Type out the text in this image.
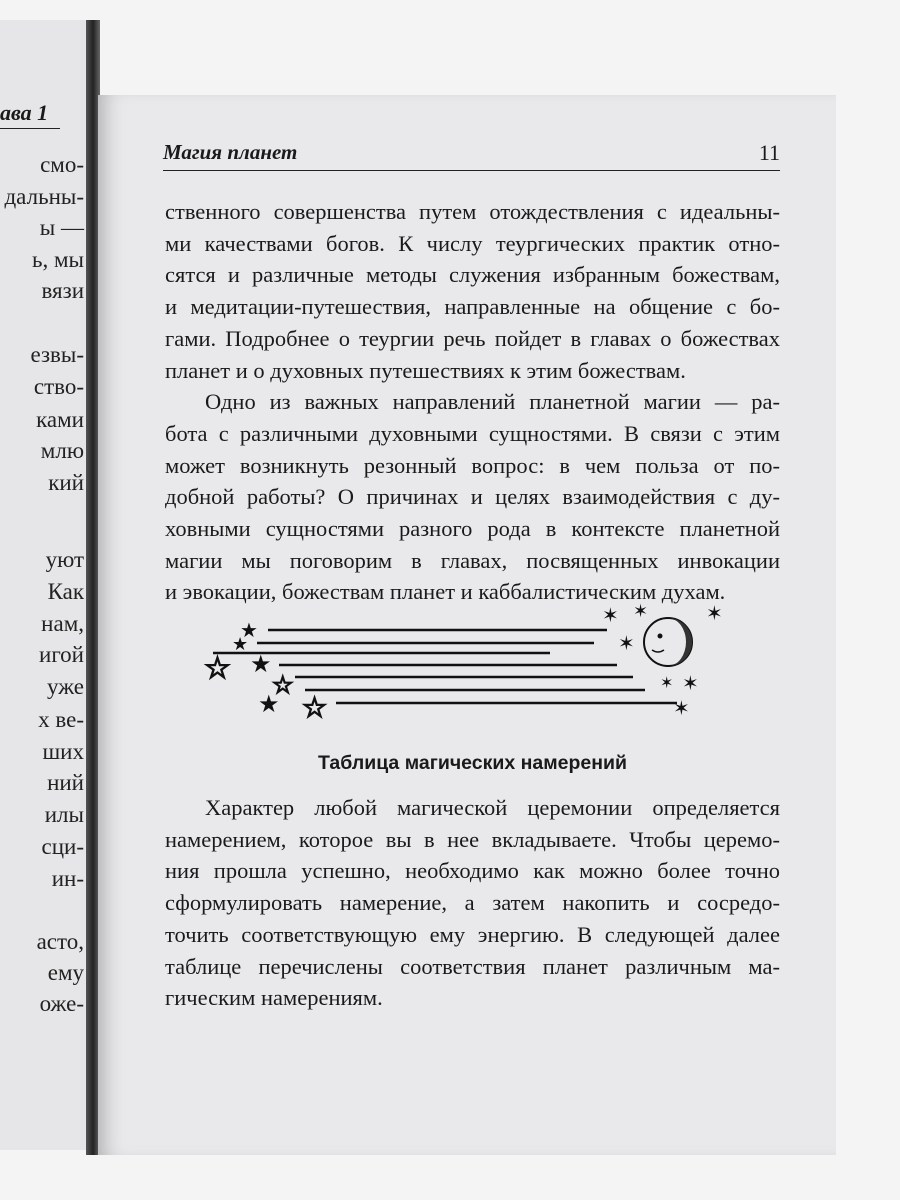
ава 1
смо-
дальны-
ы —
ь, мы
вязи
езвы-
ство-
ками
млю
кий
уют
Как
нам,
игой
уже
х ве-
ших
ний
илы
сци-
ин-
асто,
ему
оже-
Магия планет	11
ственного совершенства путем отождествления с идеальны-
ми качествами богов. К числу теургических практик отно-
сятся и различные методы служения избранным божествам,
и медитации-путешествия, направленные на общение с бо-
гами. Подробнее о теургии речь пойдет в главах о божествах
планет и о духовных путешествиях к этим божествам.
Одно из важных направлений планетной магии — ра-
бота с различными духовными сущностями. В связи с этим
может возникнуть резонный вопрос: в чем польза от по-
добной работы? О причинах и целях взаимодействия с ду-
ховными сущностями разного рода в контексте планетной
магии мы поговорим в главах, посвященных инвокации
и эвокации, божествам планет и каббалистическим духам.
★
★
★
★
☆ ☆
☆
✶ ✶	✶
✶
✶ ✶
✶
Таблица магических намерений
Характер любой магической церемонии определяется
намерением, которое вы в нее вкладываете. Чтобы церемо-
ния прошла успешно, необходимо как можно более точно
сформулировать намерение, а затем накопить и сосредо-
точить соответствующую ему энергию. В следующей далее
таблице перечислены соответствия планет различным ма-
гическим намерениям.
